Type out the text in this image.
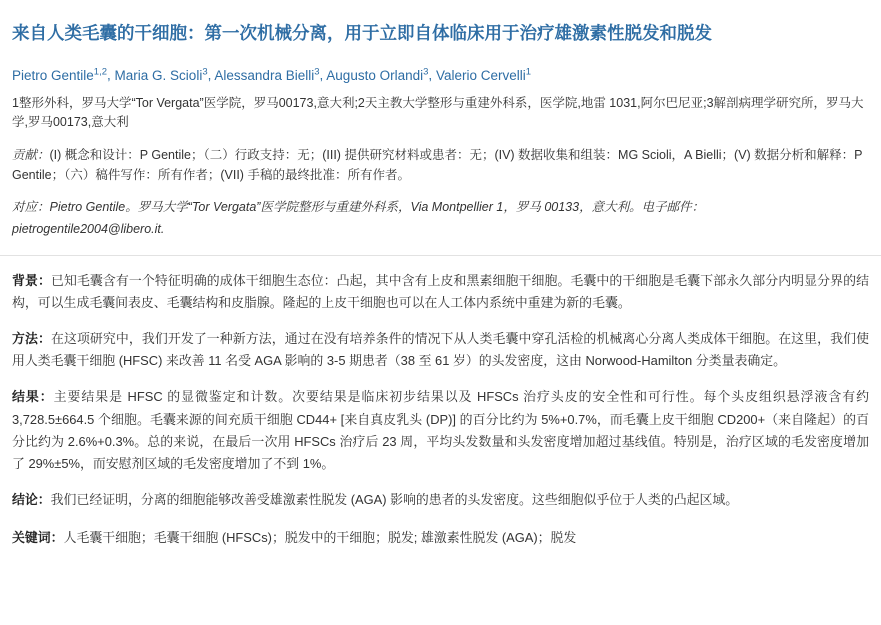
来自人类毛囊的干细胞：第一次机械分离，用于立即自体临床用于治疗雄激素性脱发和脱发
Pietro Gentile$^{1,2}$, Maria G. Scioli$^3$, Alessandra Bielli$^3$, Augusto Orlandi$^3$, Valerio Cervelli$^1$
1整形外科，罗马大学“Tor Vergata”医学院，罗马00173,意大利;2天主教大学整形与重建外科系，医学院,地雷 1031,阿尔巴尼亚;3解剖病理学研究所，罗马大学,罗马00173,意大利
贡献：(I) 概念和设计：P Gentile；（二）行政支持：无；(III) 提供研究材料或患者：无；(IV) 数据收集和组装：MG Scioli，A Bielli；(V) 数据分析和解释：P Gentile；（六）稿件写作：所有作者；(VII) 手稿的最终批准：所有作者。
对应：Pietro Gentile。罗马大学“Tor Vergata”医学院整形与重建外科系，Via Montpellier 1，罗马 00133，意大利。电子邮件：
pietrogentile2004@libero.it.
背景：已知毛囊含有一个特征明确的成体干细胞生态位：凸起，其中含有上皮和黑素细胞干细胞。毛囊中的干细胞是毛囊下部永久部分内明显分界的结构，可以生成毛囊间表皮、毛囊结构和皮脂腺。隆起的上皮干细胞也可以在人工体内系统中重建为新的毛囊。
方法：在这项研究中，我们开发了一种新方法，通过在没有培养条件的情况下从人类毛囊中穿孔活检的机械离心分离人类成体干细胞。在这里，我们使用人类毛囊干细胞 (HFSC) 来改善 11 名受 AGA 影响的 3-5 期患者（38 至 61 岁）的头发密度，这由 Norwood-Hamilton 分类量表确定。
结果：主要结果是 HFSC 的显微鉴定和计数。次要结果是临床初步结果以及 HFSCs 治疗头皮的安全性和可行性。每个头皮组织悬浮液含有约 3,728.5±664.5 个细胞。毛囊来源的间充质干细胞 CD44+ [来自真皮乳头 (DP)] 的百分比约为 5%+0.7%，而毛囊上皮干细胞 CD200+（来自隆起）的百分比约为 2.6%+0.3%。总的来说，在最后一次用 HFSCs 治疗后 23 周，平均头发数量和头发密度增加超过基线值。特别是，治疗区域的毛发密度增加了 29%±5%，而安慰剂区域的毛发密度增加了不到 1%。
结论：我们已经证明，分离的细胞能够改善受雄激素性脱发 (AGA) 影响的患者的头发密度。这些细胞似乎位于人类的凸起区域。
关键词：人毛囊干细胞；毛囊干细胞 (HFSCs)；脱发中的干细胞；脱发; 雄激素性脱发 (AGA)；脱发
